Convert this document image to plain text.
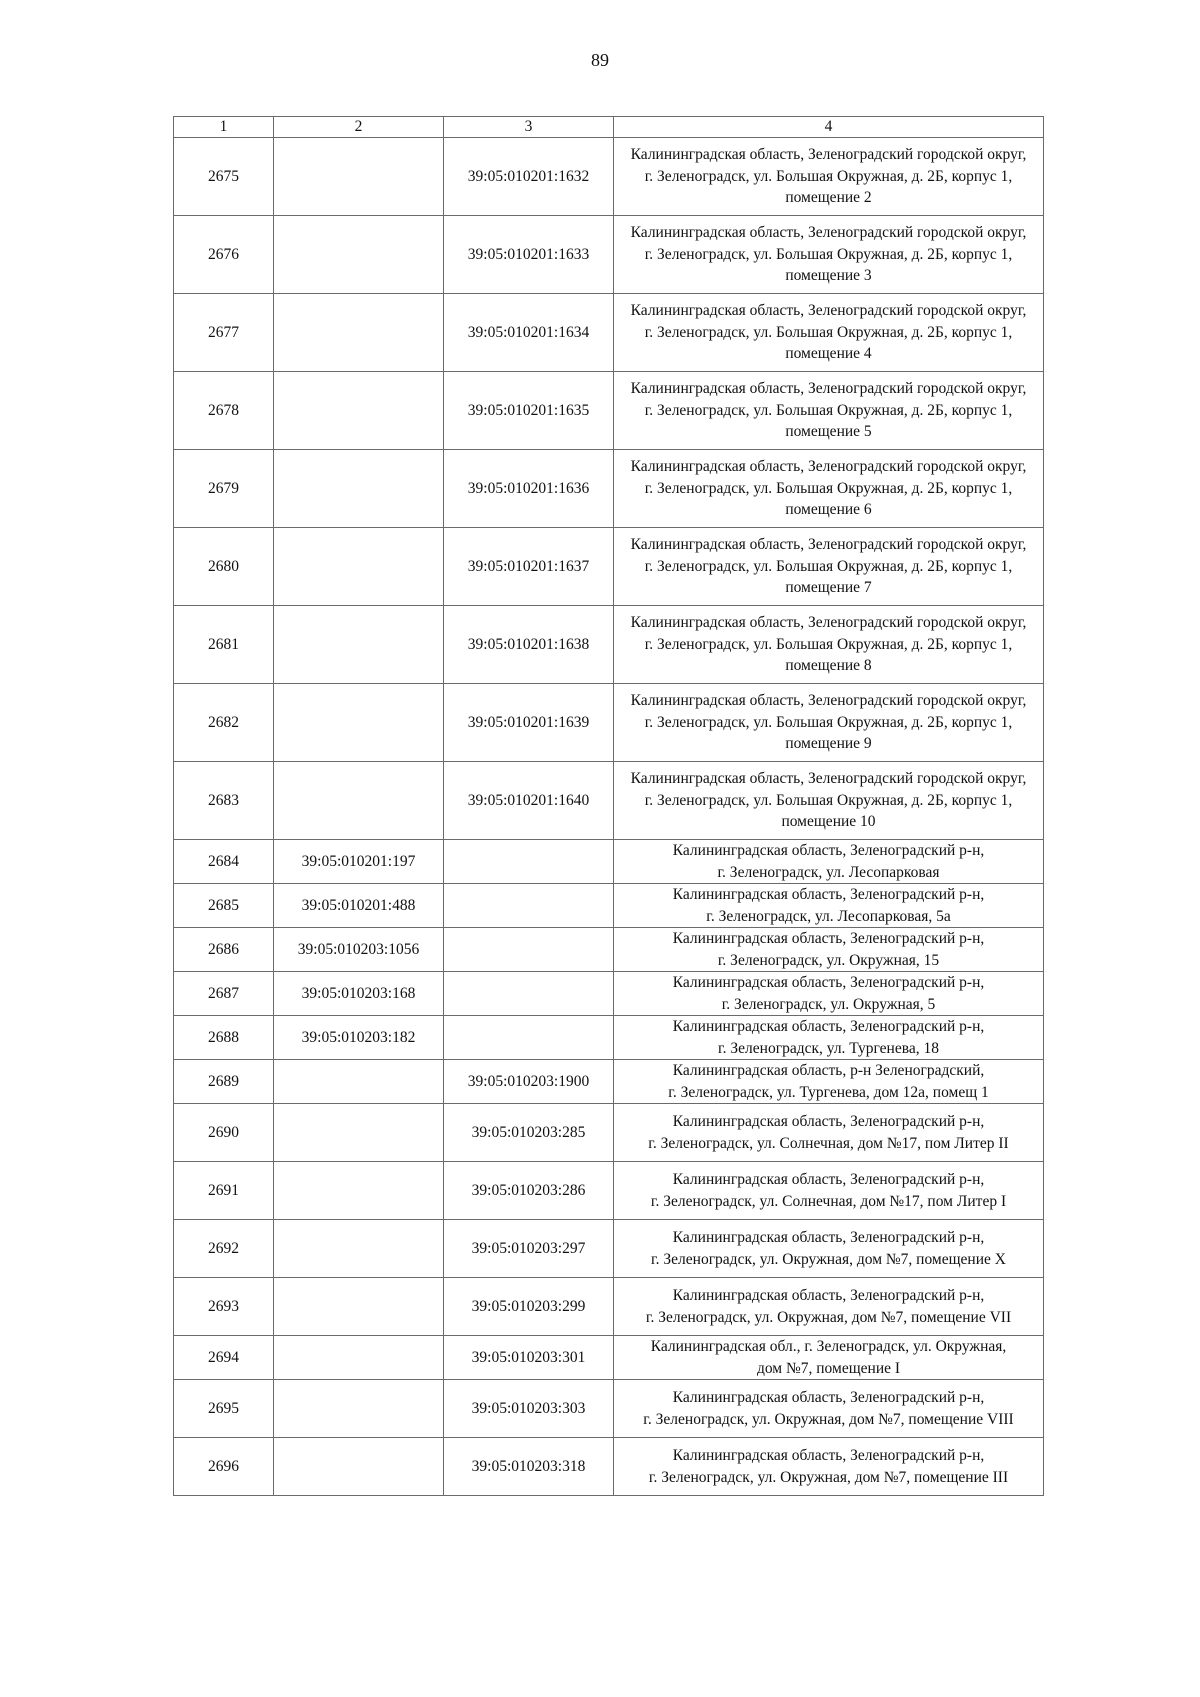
89
1	2	3	4
2675		39:05:010201:1632	Калининградская область, Зеленоградский городской округ,
г. Зеленоградск, ул. Большая Окружная, д. 2Б, корпус 1, помещение 2
2676		39:05:010201:1633	Калининградская область, Зеленоградский городской округ,
г. Зеленоградск, ул. Большая Окружная, д. 2Б, корпус 1, помещение 3
2677		39:05:010201:1634	Калининградская область, Зеленоградский городской округ,
г. Зеленоградск, ул. Большая Окружная, д. 2Б, корпус 1, помещение 4
2678		39:05:010201:1635	Калининградская область, Зеленоградский городской округ,
г. Зеленоградск, ул. Большая Окружная, д. 2Б, корпус 1, помещение 5
2679		39:05:010201:1636	Калининградская область, Зеленоградский городской округ,
г. Зеленоградск, ул. Большая Окружная, д. 2Б, корпус 1, помещение 6
2680		39:05:010201:1637	Калининградская область, Зеленоградский городской округ,
г. Зеленоградск, ул. Большая Окружная, д. 2Б, корпус 1, помещение 7
2681		39:05:010201:1638	Калининградская область, Зеленоградский городской округ,
г. Зеленоградск, ул. Большая Окружная, д. 2Б, корпус 1, помещение 8
2682		39:05:010201:1639	Калининградская область, Зеленоградский городской округ,
г. Зеленоградск, ул. Большая Окружная, д. 2Б, корпус 1, помещение 9
2683		39:05:010201:1640	Калининградская область, Зеленоградский городской округ,
г. Зеленоградск, ул. Большая Окружная, д. 2Б, корпус 1, помещение 10
2684	39:05:010201:197		Калининградская область, Зеленоградский р-н,
г. Зеленоградск, ул. Лесопарковая
2685	39:05:010201:488		Калининградская область, Зеленоградский р-н,
г. Зеленоградск, ул. Лесопарковая, 5а
2686	39:05:010203:1056		Калининградская область, Зеленоградский р-н,
г. Зеленоградск, ул. Окружная, 15
2687	39:05:010203:168		Калининградская область, Зеленоградский р-н,
г. Зеленоградск, ул. Окружная, 5
2688	39:05:010203:182		Калининградская область, Зеленоградский р-н,
г. Зеленоградск, ул. Тургенева, 18
2689		39:05:010203:1900	Калининградская область, р-н Зеленоградский,
г. Зеленоградск, ул. Тургенева, дом 12а, помещ 1
2690		39:05:010203:285	Калининградская область, Зеленоградский р-н,
г. Зеленоградск, ул. Солнечная, дом №17, пом Литер II
2691		39:05:010203:286	Калининградская область, Зеленоградский р-н,
г. Зеленоградск, ул. Солнечная, дом №17, пом Литер I
2692		39:05:010203:297	Калининградская область, Зеленоградский р-н,
г. Зеленоградск, ул. Окружная, дом №7, помещение X
2693		39:05:010203:299	Калининградская область, Зеленоградский р-н,
г. Зеленоградск, ул. Окружная, дом №7, помещение VII
2694		39:05:010203:301	Калининградская обл., г. Зеленоградск, ул. Окружная,
дом №7, помещение I
2695		39:05:010203:303	Калининградская область, Зеленоградский р-н,
г. Зеленоградск, ул. Окружная, дом №7, помещение VIII
2696		39:05:010203:318	Калининградская область, Зеленоградский р-н,
г. Зеленоградск, ул. Окружная, дом №7, помещение III
